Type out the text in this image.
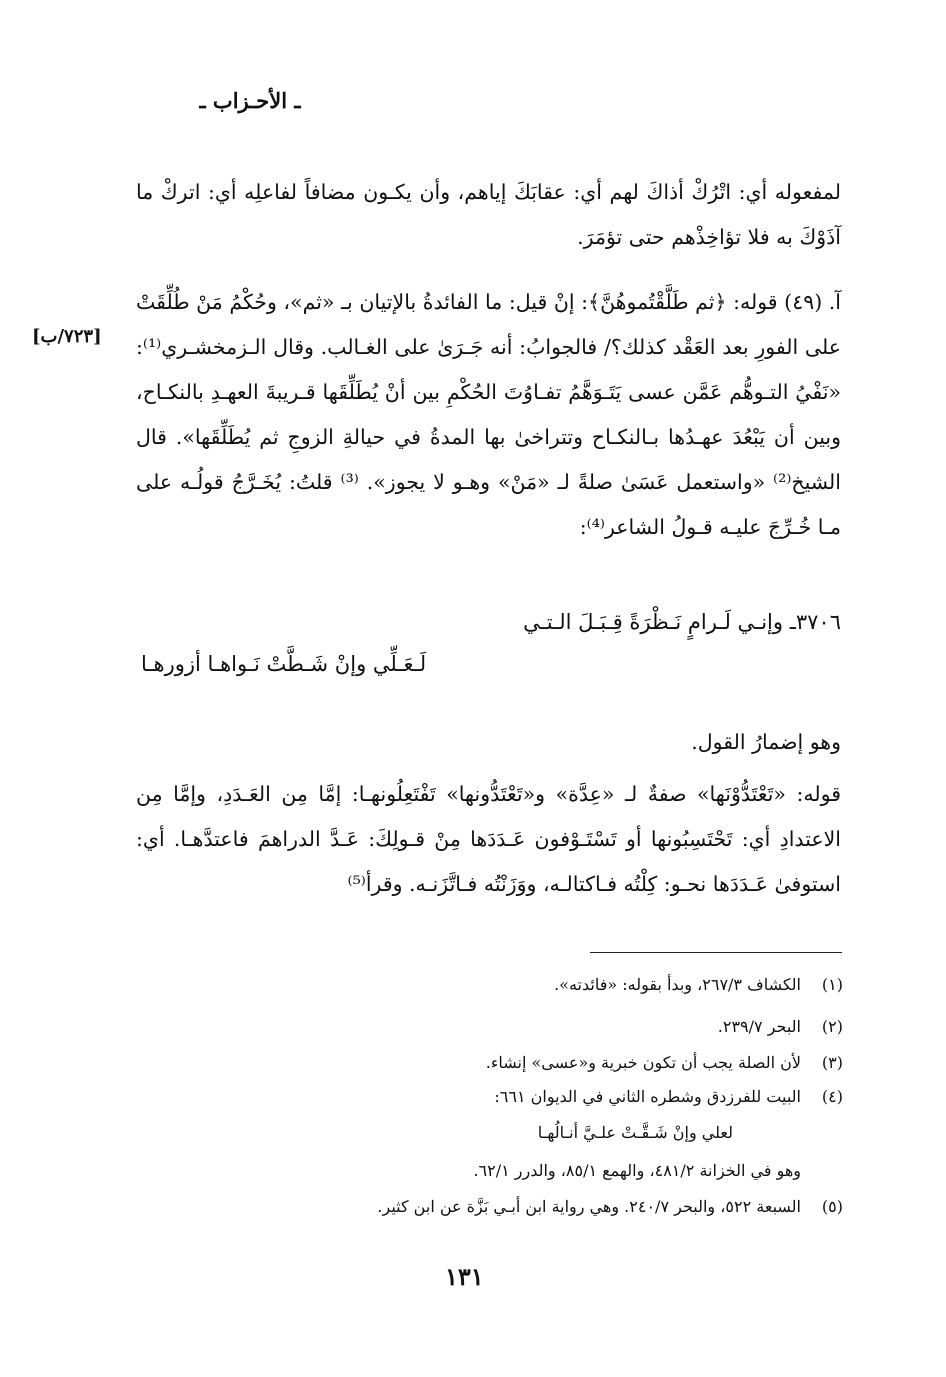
ـ الأحـزاب ـ
لمفعوله أي: اتْرُكْ أذاكَ لهم أي: عقابَكَ إياهم، وأن يكـون مضافاً لفاعلِه أي: اتركْ ما آذَوْكَ به فلا تؤاخِذْهم حتى تؤمَرَ.
آ. (٤٩) قوله: ﴿ثم طَلَّقْتُموهُنَّ﴾: إنْ قيل: ما الفائدةُ بالإتيان بـ «ثم»، وحُكْمُ مَنْ طُلِّقَتْ على الفورِ بعد العَقْد كذلك؟/ فالجوابُ: أنه جَـرَىٰ على الغـالب. وقال الـزمخشـري⁽¹⁾: «نَفْيُ التـوهُّم عَمَّن عسى يَتَـوَهَّمُ تفـاوُتَ الحُكْمِ بين أنْ يُطَلِّقَها قـريبةَ العهـدِ بالنكـاح، وبين أن يَبْعُدَ عهـدُها بـالنكـاح وتتراخىٰ بها المدةُ في حيالةِ الزوجِ ثم يُطَلِّقَها». قال الشيخ⁽²⁾ «واستعمل عَسَىٰ صلةً لـ «مَنْ» وهـو لا يجوز». ⁽³⁾ قلتُ: يُخَـرَّجُ قولُـه على مـا خُـرِّجَ عليـه قـولُ الشاعر⁽⁴⁾:
[٧٢٣/ب]
٣٧٠٦ـ وإنـي لَـرامٍ نَـظْرَةً قِـبَـلَ الـتـي
لَـعَـلِّي وإنْ شَـطَّتْ نَـواهـا أزورهـا
وهو إضمارُ القول.
قوله: «تَعْتَدُّوْنَها» صفةٌ لـ «عِدَّة» و«تَعْتَدُّونها» تَفْتَعِلُونهـا: إمَّا مِن العَـدَدِ، وإمَّا مِن الاعتدادِ أي: تَحْتَسِبُونها أو تَسْتَـوْفون عَـدَدَها مِنْ قـولِكَ: عَـدَّ الدراهمَ فاعتدَّهـا. أي: استوفىٰ عَـدَدَها نحـو: كِلْتُه فـاكتالـه، ووَزَنْتُه فـاتَّزَنـه. وقرأ⁽⁵⁾
(١)الكشاف ٢٦٧/٣، وبدأ بقوله: «فائدته».
(٢)البحر ٢٣٩/٧.
(٣)لأن الصلة يجب أن تكون خبرية و«عسى» إنشاء.
(٤)البيت للفرزدق وشطره الثاني في الديوان ٦٦١:
لعلي وإنْ شَـقَّـتْ علـيَّ أنـالُهـا
وهو في الخزانة ٤٨١/٢، والهمع ٨٥/١، والدرر ٦٢/١.
(٥)السبعة ٥٢٢، والبحر ٢٤٠/٧. وهي رواية ابن أبـي بَزَّة عن ابن كثير.
١٣١
